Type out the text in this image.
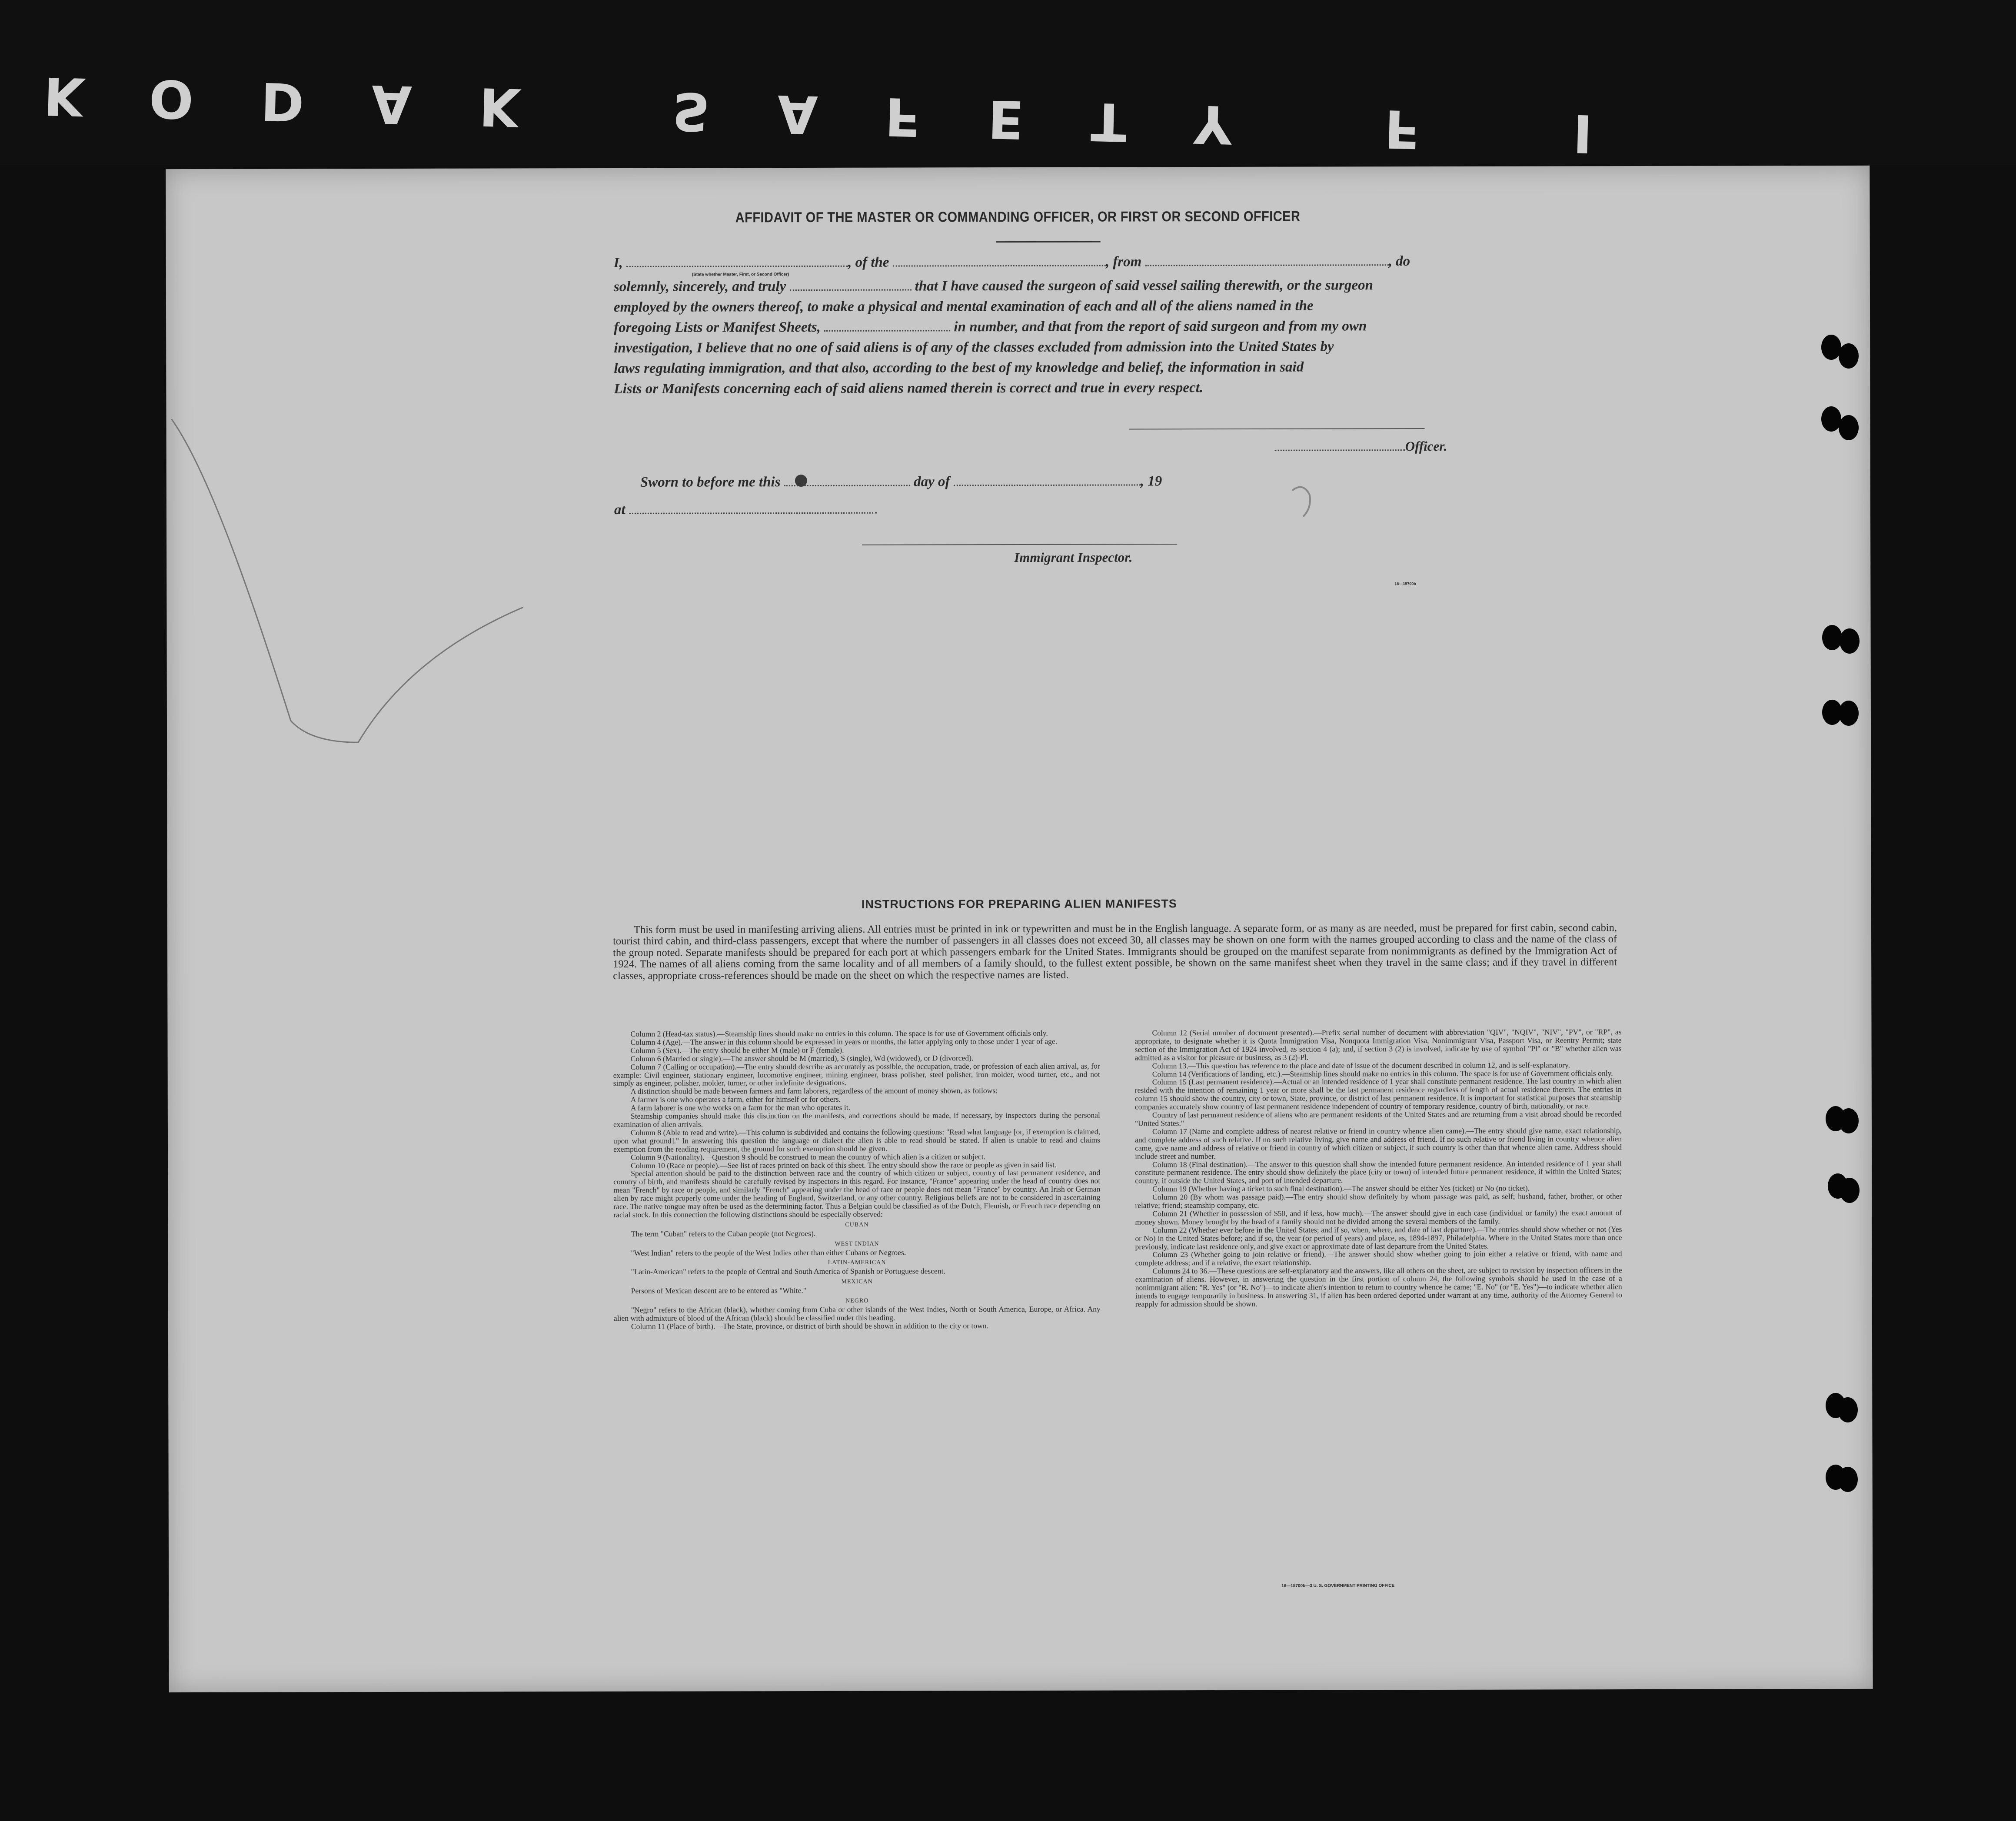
KODAK SAFETY F I
AFFIDAVIT OF THE MASTER OR COMMANDING OFFICER, OR FIRST OR SECOND OFFICER
I,	, of the	, from	, do
(State whether Master, First, or Second Officer)
solemnly, sincerely, and truly	that I have caused the surgeon of said vessel sailing therewith, or the surgeon
employed by the owners thereof, to make a physical and mental examination of each and all of the aliens named in the
foregoing Lists or Manifest Sheets,	in number, and that from the report of said surgeon and from my own
investigation, I believe that no one of said aliens is of any of the classes excluded from admission into the United States by
laws regulating immigration, and that also, according to the best of my knowledge and belief, the information in said
Lists or Manifests concerning each of said aliens named therein is correct and true in every respect.
Officer.
Sworn to before me this	day of	, 19
at
Immigrant Inspector.
16—15700b
INSTRUCTIONS FOR PREPARING ALIEN MANIFESTS
This form must be used in manifesting arriving aliens. All entries must be printed in ink or typewritten and must be in the English language. A separate form, or as many as are needed, must be prepared for first cabin, second cabin, tourist third cabin, and third-class passengers, except that where the number of passengers in all classes does not exceed 30, all classes may be shown on one form with the names grouped according to class and the name of the class of the group noted. Separate manifests should be prepared for each port at which passengers embark for the United States. Immigrants should be grouped on the manifest separate from nonimmigrants as defined by the Immigration Act of 1924. The names of all aliens coming from the same locality and of all members of a family should, to the fullest extent possible, be shown on the same manifest sheet when they travel in the same class; and if they travel in different classes, appropriate cross-references should be made on the sheet on which the respective names are listed.

Column 2 (Head-tax status).—Steamship lines should make no entries in this column. The space is for use of Government officials only.

Column 4 (Age).—The answer in this column should be expressed in years or months, the latter applying only to those under 1 year of age.

Column 5 (Sex).—The entry should be either M (male) or F (female).

Column 6 (Married or single).—The answer should be M (married), S (single), Wd (widowed), or D (divorced).

Column 7 (Calling or occupation).—The entry should describe as accurately as possible, the occupation, trade, or profession of each alien arrival, as, for example: Civil engineer, stationary engineer, locomotive engineer, mining engineer, brass polisher, steel polisher, iron molder, wood turner, etc., and not simply as engineer, polisher, molder, turner, or other indefinite designations.

A distinction should be made between farmers and farm laborers, regardless of the amount of money shown, as follows:

A farmer is one who operates a farm, either for himself or for others.

A farm laborer is one who works on a farm for the man who operates it.

Steamship companies should make this distinction on the manifests, and corrections should be made, if necessary, by inspectors during the personal examination of alien arrivals.

Column 8 (Able to read and write).—This column is subdivided and contains the following questions: "Read what language [or, if exemption is claimed, upon what ground]." In answering this question the language or dialect the alien is able to read should be stated. If alien is unable to read and claims exemption from the reading requirement, the ground for such exemption should be given.

Column 9 (Nationality).—Question 9 should be construed to mean the country of which alien is a citizen or subject.

Column 10 (Race or people).—See list of races printed on back of this sheet. The entry should show the race or people as given in said list.

Special attention should be paid to the distinction between race and the country of which citizen or subject, country of last permanent residence, and country of birth, and manifests should be carefully revised by inspectors in this regard. For instance, "France" appearing under the head of country does not mean "French" by race or people, and similarly "French" appearing under the head of race or people does not mean "France" by country. An Irish or German alien by race might properly come under the heading of England, Switzerland, or any other country. Religious beliefs are not to be considered in ascertaining race. The native tongue may often be used as the determining factor. Thus a Belgian could be classified as of the Dutch, Flemish, or French race depending on racial stock. In this connection the following distinctions should be especially observed:

CUBAN

The term "Cuban" refers to the Cuban people (not Negroes).

WEST INDIAN

"West Indian" refers to the people of the West Indies other than either Cubans or Negroes.

LATIN-AMERICAN

"Latin-American" refers to the people of Central and South America of Spanish or Portuguese descent.

MEXICAN

Persons of Mexican descent are to be entered as "White."

NEGRO

"Negro" refers to the African (black), whether coming from Cuba or other islands of the West Indies, North or South America, Europe, or Africa. Any alien with admixture of blood of the African (black) should be classified under this heading.

Column 11 (Place of birth).—The State, province, or district of birth should be shown in addition to the city or town.

Column 12 (Serial number of document presented).—Prefix serial number of document with abbreviation "QIV", "NQIV", "NIV", "PV", or "RP", as appropriate, to designate whether it is Quota Immigration Visa, Nonquota Immigration Visa, Nonimmigrant Visa, Passport Visa, or Reentry Permit; state section of the Immigration Act of 1924 involved, as section 4 (a); and, if section 3 (2) is involved, indicate by use of symbol "Pl" or "B" whether alien was admitted as a visitor for pleasure or business, as 3 (2)-Pl.

Column 13.—This question has reference to the place and date of issue of the document described in column 12, and is self-explanatory.

Column 14 (Verifications of landing, etc.).—Steamship lines should make no entries in this column. The space is for use of Government officials only.

Column 15 (Last permanent residence).—Actual or an intended residence of 1 year shall constitute permanent residence. The last country in which alien resided with the intention of remaining 1 year or more shall be the last permanent residence regardless of length of actual residence therein. The entries in column 15 should show the country, city or town, State, province, or district of last permanent residence. It is important for statistical purposes that steamship companies accurately show country of last permanent residence independent of country of temporary residence, country of birth, nationality, or race.

Country of last permanent residence of aliens who are permanent residents of the United States and are returning from a visit abroad should be recorded "United States."

Column 17 (Name and complete address of nearest relative or friend in country whence alien came).—The entry should give name, exact relationship, and complete address of such relative. If no such relative living, give name and address of friend. If no such relative or friend living in country whence alien came, give name and address of relative or friend in country of which citizen or subject, if such country is other than that whence alien came. Address should include street and number.

Column 18 (Final destination).—The answer to this question shall show the intended future permanent residence. An intended residence of 1 year shall constitute permanent residence. The entry should show definitely the place (city or town) of intended future permanent residence, if within the United States; country, if outside the United States, and port of intended departure.

Column 19 (Whether having a ticket to such final destination).—The answer should be either Yes (ticket) or No (no ticket).

Column 20 (By whom was passage paid).—The entry should show definitely by whom passage was paid, as self; husband, father, brother, or other relative; friend; steamship company, etc.

Column 21 (Whether in possession of $50, and if less, how much).—The answer should give in each case (individual or family) the exact amount of money shown. Money brought by the head of a family should not be divided among the several members of the family.

Column 22 (Whether ever before in the United States; and if so, when, where, and date of last departure).—The entries should show whether or not (Yes or No) in the United States before; and if so, the year (or period of years) and place, as, 1894-1897, Philadelphia. Where in the United States more than once previously, indicate last residence only, and give exact or approximate date of last departure from the United States.

Column 23 (Whether going to join relative or friend).—The answer should show whether going to join either a relative or friend, with name and complete address; and if a relative, the exact relationship.

Columns 24 to 36.—These questions are self-explanatory and the answers, like all others on the sheet, are subject to revision by inspection officers in the examination of aliens. However, in answering the question in the first portion of column 24, the following symbols should be used in the case of a nonimmigrant alien: "R. Yes" (or "R. No")—to indicate alien's intention to return to country whence he came; "E. No" (or "E. Yes")—to indicate whether alien intends to engage temporarily in business. In answering 31, if alien has been ordered deported under warrant at any time, authority of the Attorney General to reapply for admission should be shown.

16—15700b—3 U. S. GOVERNMENT PRINTING OFFICE
